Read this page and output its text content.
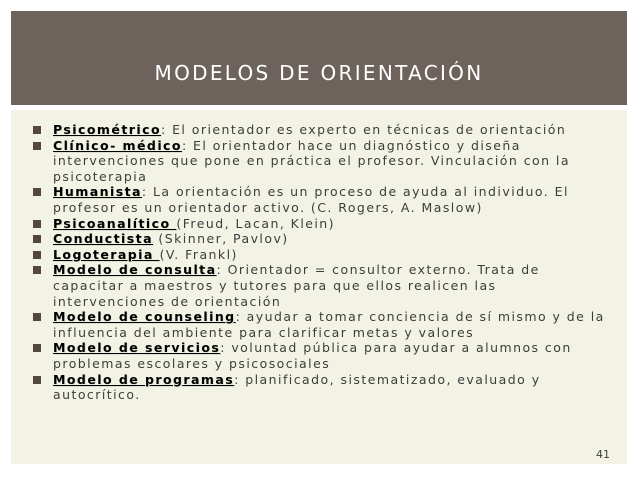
MODELOS DE ORIENTACIÓN
Psicométrico: El orientador es experto en técnicas de orientación
Clínico- médico: El orientador hace un diagnóstico y diseña intervenciones que pone en práctica el profesor. Vinculación con la psicoterapia
Humanista: La orientación es un proceso de ayuda al individuo. El profesor es un orientador activo. (C. Rogers, A. Maslow)
Psicoanalítico (Freud, Lacan, Klein)
Conductista (Skinner, Pavlov)
Logoterapia (V. Frankl)
Modelo de consulta: Orientador = consultor externo. Trata de capacitar a maestros y tutores para que ellos realicen las intervenciones de orientación
Modelo de counseling: ayudar a tomar conciencia de sí mismo y de la influencia del ambiente para clarificar metas y valores
Modelo de servicios: voluntad pública para ayudar a alumnos con problemas escolares y psicosociales
Modelo de programas: planificado, sistematizado, evaluado y autocrítico.
41
